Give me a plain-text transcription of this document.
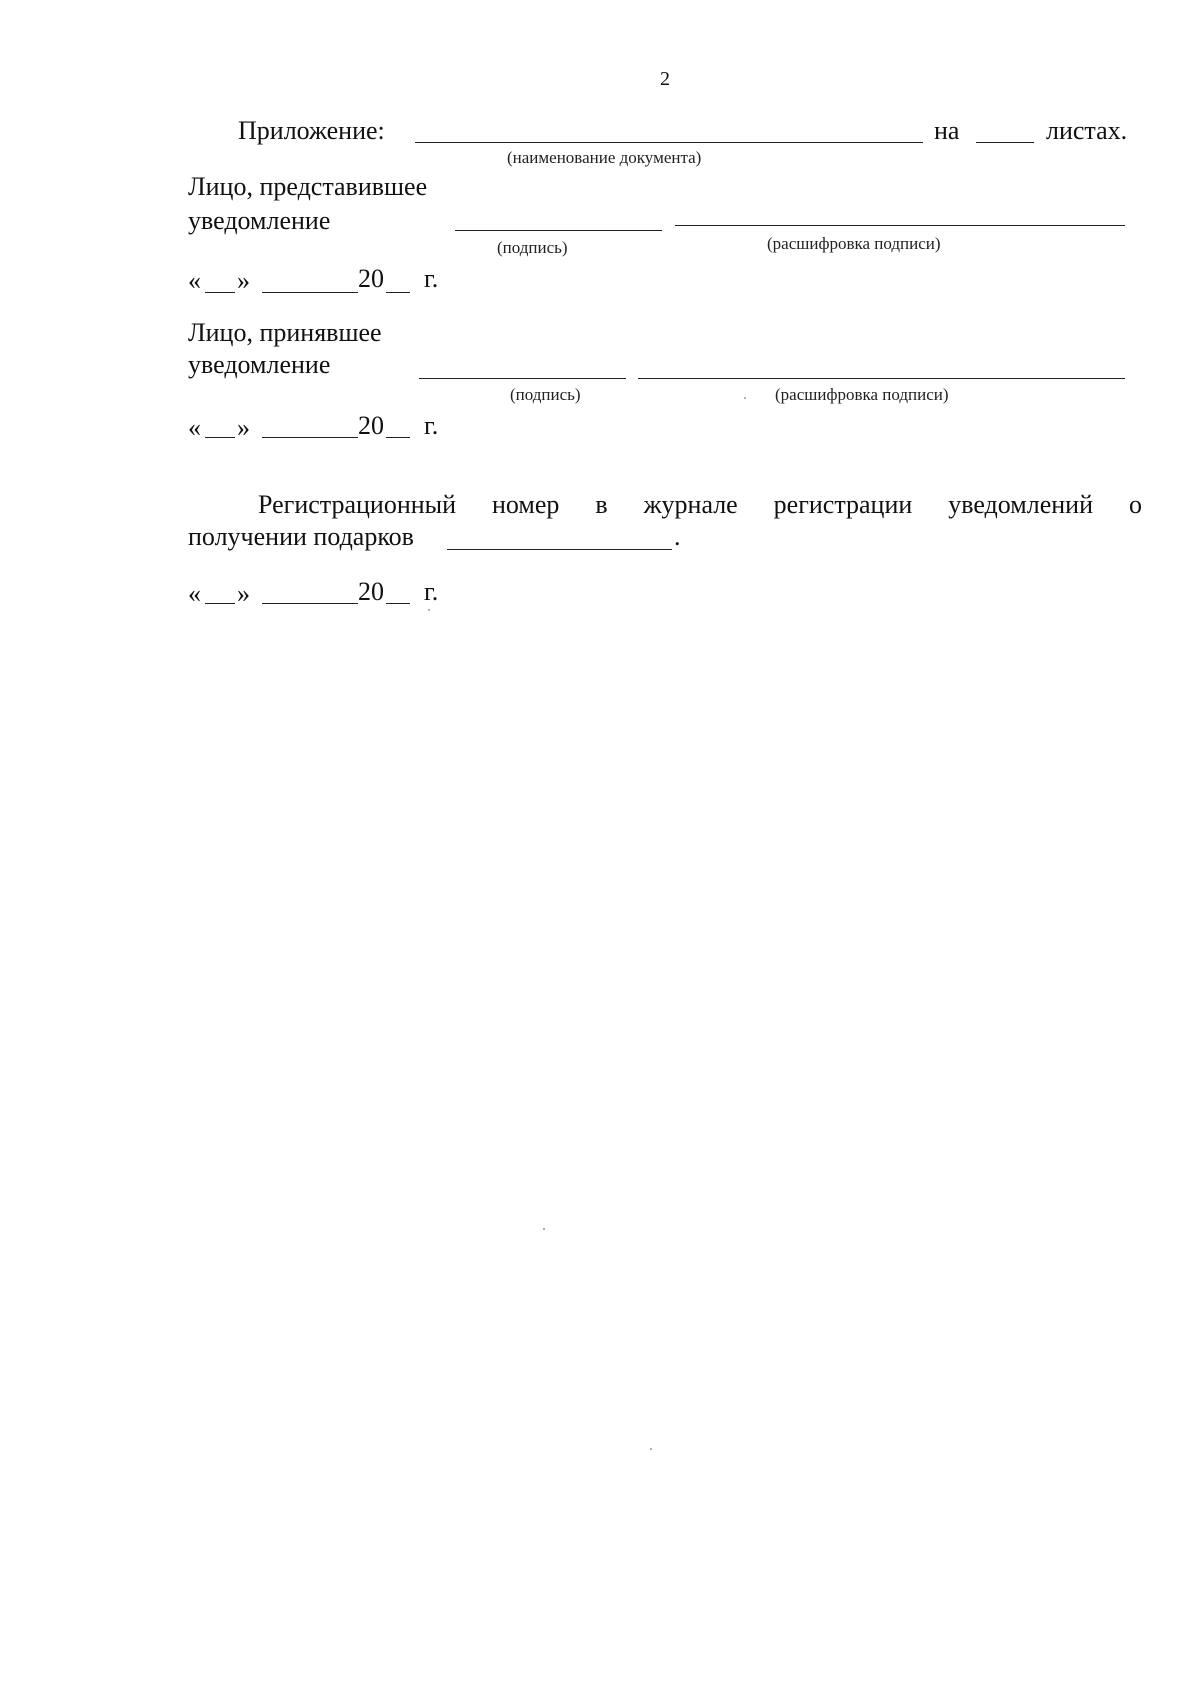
2
Приложение:	на	листах.
(наименование документа)
Лицо, представившее
уведомление
(подпись)	(расшифровка подписи)
« »	20 г.
Лицо, принявшее
уведомление
(подпись)	(расшифровка подписи)
« »	20 г.
Регистрационный номер в журнале регистрации уведомлений о
получении подарков	.
« »	20 г.
